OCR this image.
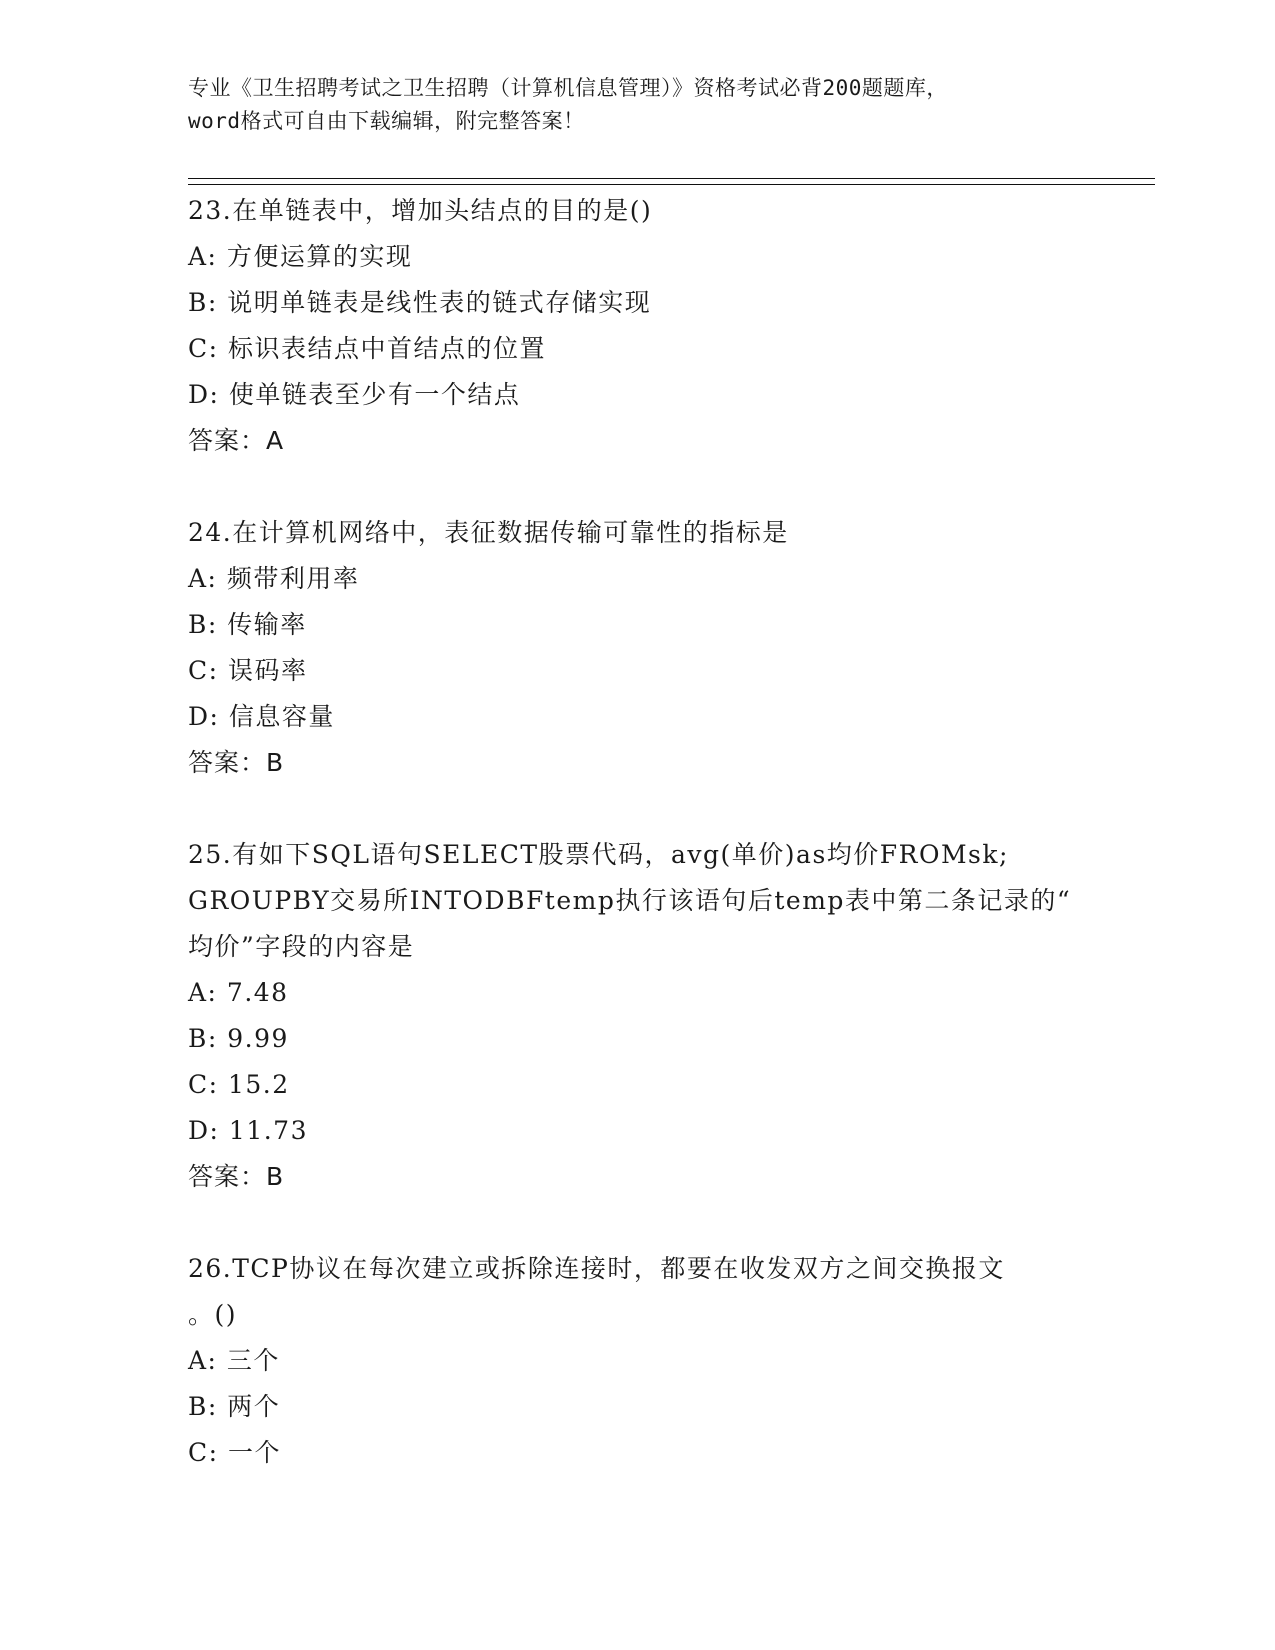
专业《卫生招聘考试之卫生招聘（计算机信息管理）》资格考试必背200题题库，
word格式可自由下载编辑，附完整答案！
23.在单链表中，增加头结点的目的是()
A: 方便运算的实现
B: 说明单链表是线性表的链式存储实现
C: 标识表结点中首结点的位置
D: 使单链表至少有一个结点
答案：A
24.在计算机网络中，表征数据传输可靠性的指标是
A: 频带利用率
B: 传输率
C: 误码率
D: 信息容量
答案：B
25.有如下SQL语句SELECT股票代码，avg(单价)as均价FROMsk;
GROUPBY交易所INTODBFtemp执行该语句后temp表中第二条记录的“
均价”字段的内容是
A: 7.48
B: 9.99
C: 15.2
D: 11.73
答案：B
26.TCP协议在每次建立或拆除连接时，都要在收发双方之间交换报文
。()
A: 三个
B: 两个
C: 一个
